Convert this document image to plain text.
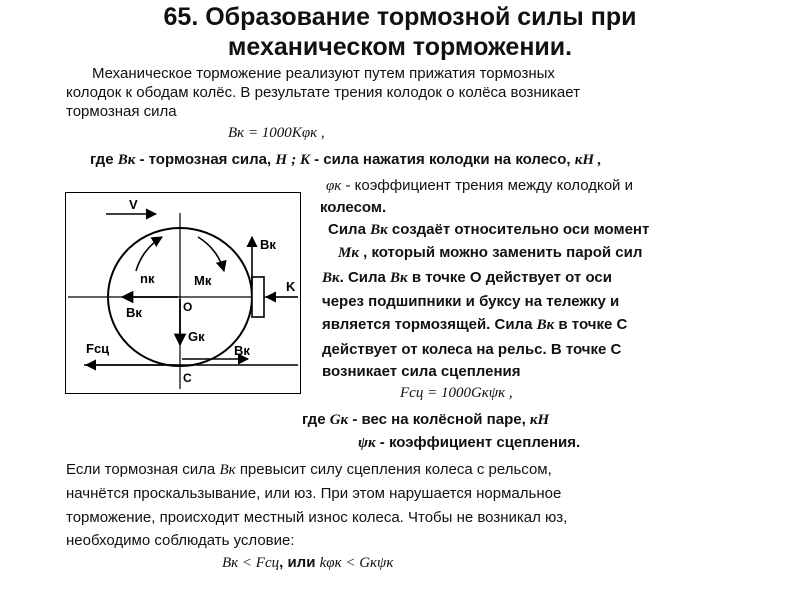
65. Образование тормозной силы при
механическом торможении.
Механическое торможение реализуют путем прижатия тормозных
колодок к ободам колёс. В результате трения колодок о колёса возникает
тормозная сила
Bк = 1000Kφк ,
где Bк - тормозная сила, Н ; K - сила нажатия колодки на колесо, кН ,
φк - коэффициент трения между колодкой и
колесом.
V
Bк
nк	Mк	K
O
Bк
Gк
Fсц	Bк
C
Сила Bк создаёт относительно оси момент
Mк , который можно заменить парой сил
Bк. Сила Bк в точке О действует от оси
через подшипники и буксу на тележку и
является тормозящей. Сила Bк в точке С
действует от колеса на рельс. В точке С
возникает сила сцепления
Fсц = 1000Gкψк ,
где Gк - вес на колёсной паре, кН
ψк - коэффициент сцепления.
Если тормозная сила Bк превысит силу сцепления колеса с рельсом,
начнётся проскальзывание, или юз. При этом нарушается нормальное
торможение, происходит местный износ колеса. Чтобы не возникал юз,
необходимо соблюдать условие:
Bк < Fсц, или kφк < Gкψк
